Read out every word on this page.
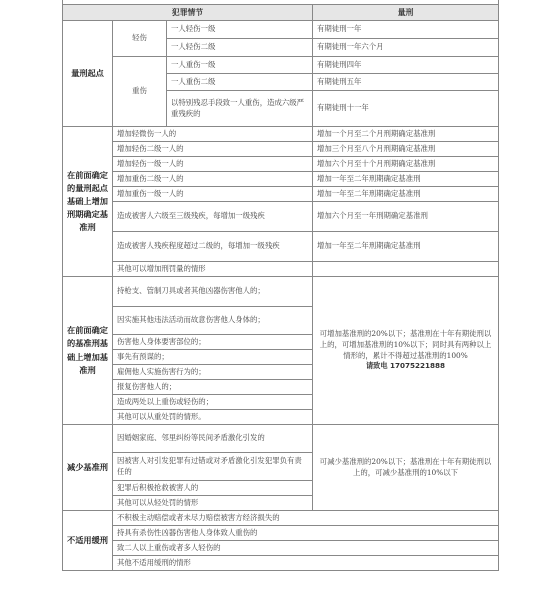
犯罪情节			量刑
量刑起点	轻伤	一人轻伤一级	有期徒刑一年
		一人轻伤二级	有期徒刑一年六个月
	重伤	一人重伤一级	有期徒刑四年
		一人重伤二级	有期徒刑五年
		以特别残忍手段致一人重伤，造成六级严重残疾的	有期徒刑十一年
在前面确定的量刑起点基础上增加刑期确定基准刑	增加轻微伤一人的		增加一个月至二个月刑期确定基准刑
	增加轻伤二级一人的		增加三个月至八个月刑期确定基准刑
	增加轻伤一级一人的		增加六个月至十个月刑期确定基准刑
	增加重伤二级一人的		增加一年至二年刑期确定基准刑
	增加重伤一级一人的		增加一年至二年刑期确定基准刑
	造成被害人六级至三级残疾，每增加一级残疾		增加六个月至一年刑期确定基准刑
	造成被害人残疾程度超过二级的，每增加一级残疾		增加一年至二年刑期确定基准刑
	其他可以增加刑罚量的情形		
在前面确定的基准刑基础上增加基准刑	持枪支、管制刀具或者其他凶器伤害他人的；		可增加基准刑的20%以下；基准刑在十年有期徒刑以上的，可增加基准刑的10%以下；同时具有两种以上情形的，累计不得超过基准刑的100%
请致电 17075221888

	因实施其他违法活动而故意伤害他人身体的；		
	伤害他人身体要害部位的；		
	事先有预谋的；		
	雇佣他人实施伤害行为的；		
	报复伤害他人的；		
	造成两处以上重伤或轻伤的；		
	其他可以从重处罚的情形。		
减少基准刑	因婚姻家庭、邻里纠纷等民间矛盾激化引发的		可减少基准刑的20%以下；基准刑在十年有期徒刑以上的，可减少基准刑的10%以下
	因被害人对引发犯罪有过错或对矛盾激化引发犯罪负有责任的		
	犯罪后积极抢救被害人的		
	其他可以从轻处罚的情形		
不适用缓刑	不积极主动赔偿或者未尽力赔偿被害方经济损失的		
	持具有杀伤性凶器伤害他人身体致人重伤的		
	致二人以上重伤或者多人轻伤的		
	其他不适用缓刑的情形		
